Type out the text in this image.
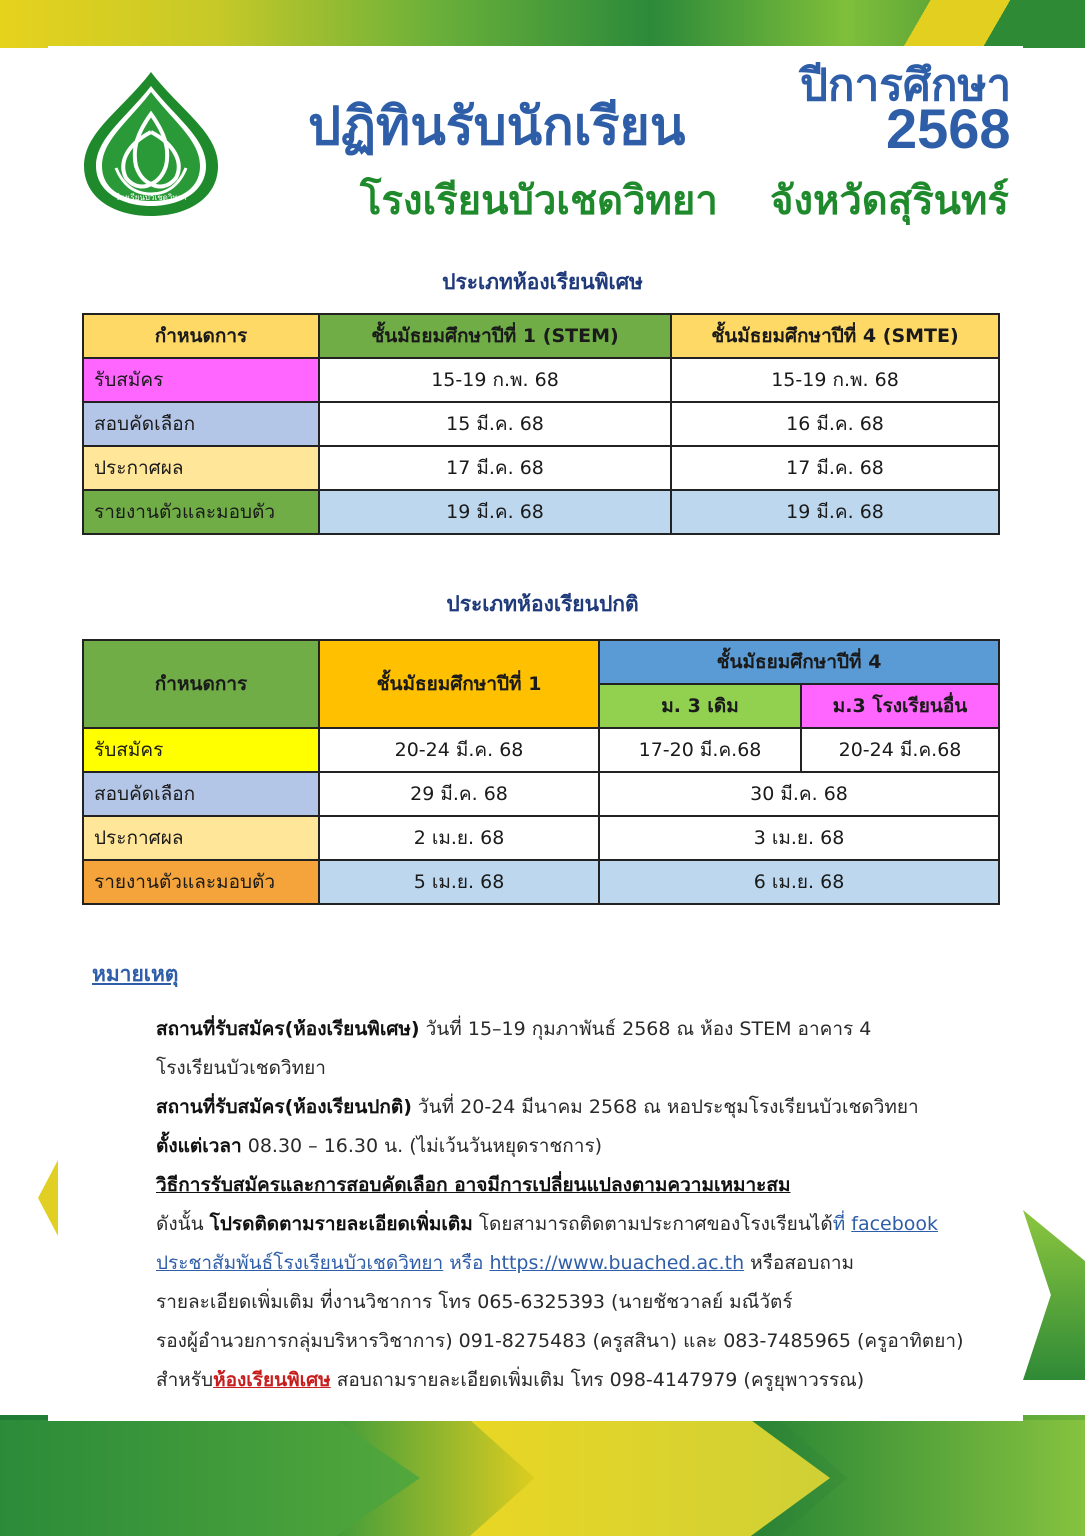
โรงเรียนบัวเชดวิทยา
ปฏิทินรับนักเรียน
ปีการศึกษา
2568
โรงเรียนบัวเชดวิทยา จังหวัดสุรินทร์
ประเภทห้องเรียนพิเศษ
กำหนดการ	ชั้นมัธยมศึกษาปีที่ 1 (STEM)	ชั้นมัธยมศึกษาปีที่ 4 (SMTE)
รับสมัคร	15-19 ก.พ. 68	15-19 ก.พ. 68
สอบคัดเลือก	15 มี.ค. 68	16 มี.ค. 68
ประกาศผล	17 มี.ค. 68	17 มี.ค. 68
รายงานตัวและมอบตัว	19 มี.ค. 68	19 มี.ค. 68
ประเภทห้องเรียนปกติ
กำหนดการ	ชั้นมัธยมศึกษาปีที่ 1	ชั้นมัธยมศึกษาปีที่ 4	
		ม. 3 เดิม	ม.3 โรงเรียนอื่น
รับสมัคร	20-24 มี.ค. 68	17-20 มี.ค.68	20-24 มี.ค.68
สอบคัดเลือก	29 มี.ค. 68	30 มี.ค. 68	
ประกาศผล	2 เม.ย. 68	3 เม.ย. 68	
รายงานตัวและมอบตัว	5 เม.ย. 68	6 เม.ย. 68	
หมายเหตุ
สถานที่รับสมัคร(ห้องเรียนพิเศษ) วันที่ 15–19 กุมภาพันธ์ 2568 ณ ห้อง STEM อาคาร 4
โรงเรียนบัวเชดวิทยา
สถานที่รับสมัคร(ห้องเรียนปกติ) วันที่ 20-24 มีนาคม 2568 ณ หอประชุมโรงเรียนบัวเชดวิทยา
ตั้งแต่เวลา 08.30 – 16.30 น. (ไม่เว้นวันหยุดราชการ)
วิธีการรับสมัครและการสอบคัดเลือก อาจมีการเปลี่ยนแปลงตามความเหมาะสม
ดังนั้น โปรดติดตามรายละเอียดเพิ่มเติม โดยสามารถติดตามประกาศของโรงเรียนได้ที่ facebook
ประชาสัมพันธ์โรงเรียนบัวเชดวิทยา หรือ https://www.buached.ac.th หรือสอบถาม
รายละเอียดเพิ่มเติม ที่งานวิชาการ โทร 065-6325393 (นายชัชวาลย์ มณีวัตร์
รองผู้อำนวยการกลุ่มบริหารวิชาการ) 091-8275483 (ครูสสินา) และ 083-7485965 (ครูอาทิตยา)
สำหรับห้องเรียนพิเศษ สอบถามรายละเอียดเพิ่มเติม โทร 098-4147979 (ครูยุพาวรรณ)
